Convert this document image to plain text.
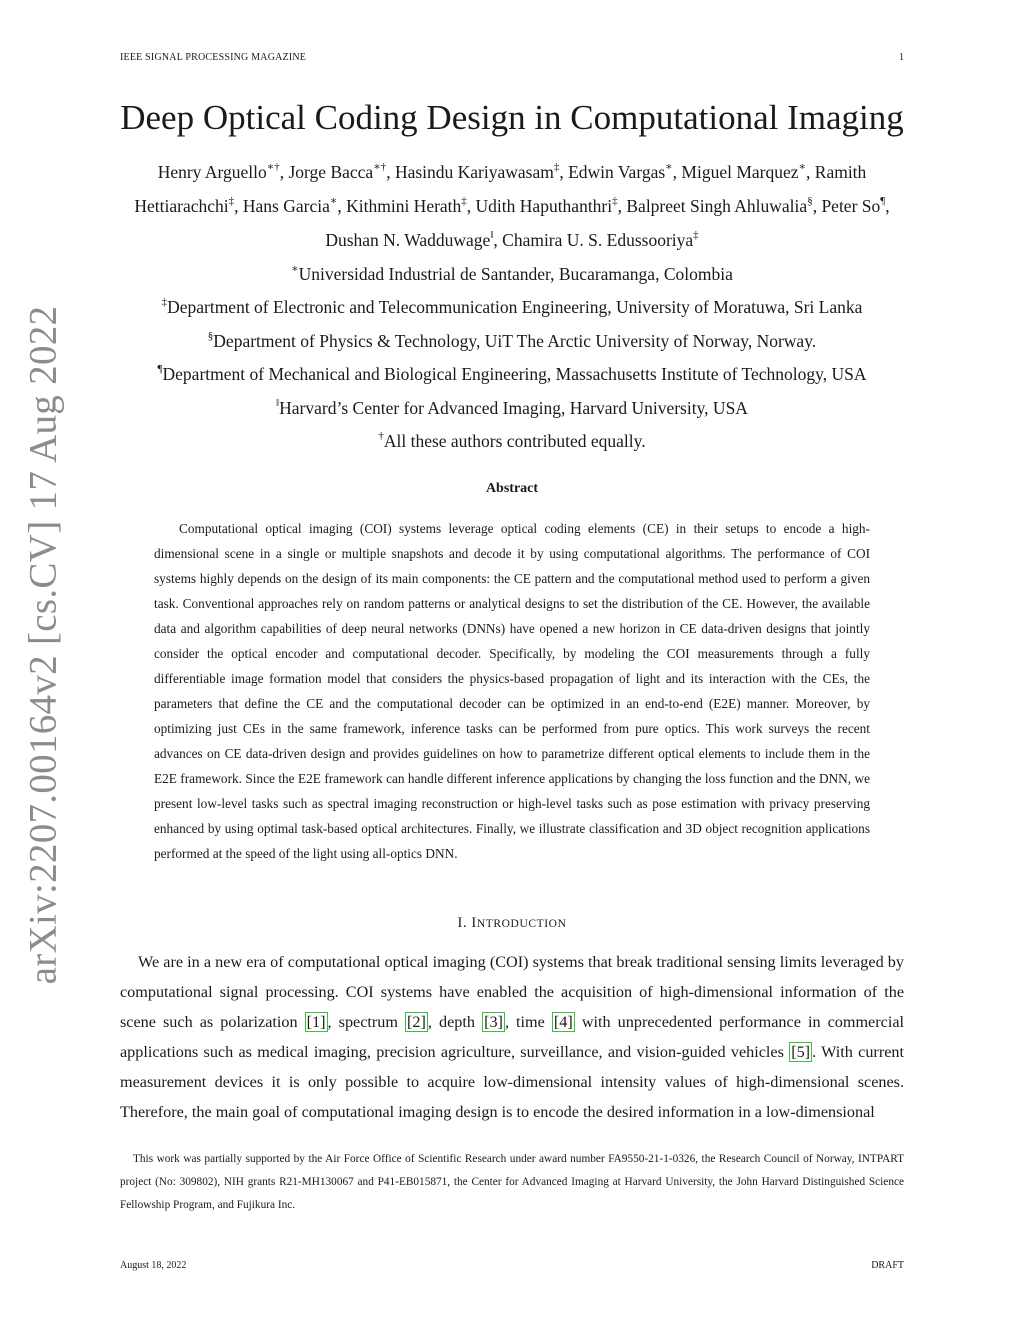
IEEE SIGNAL PROCESSING MAGAZINE	1
arXiv:2207.00164v2 [cs.CV] 17 Aug 2022
Deep Optical Coding Design in Computational Imaging
Henry Arguello∗†, Jorge Bacca∗†, Hasindu Kariyawasam‡, Edwin Vargas∗, Miguel Marquez∗, Ramith Hettiarachchi‡, Hans Garcia∗, Kithmini Herath‡, Udith Haputhanthri‡, Balpreet Singh Ahluwalia§, Peter So¶, Dushan N. Wadduwage‖, Chamira U. S. Edussooriya‡
∗Universidad Industrial de Santander, Bucaramanga, Colombia
‡Department of Electronic and Telecommunication Engineering, University of Moratuwa, Sri Lanka
§Department of Physics & Technology, UiT The Arctic University of Norway, Norway.
¶Department of Mechanical and Biological Engineering, Massachusetts Institute of Technology, USA
‖Harvard’s Center for Advanced Imaging, Harvard University, USA
†All these authors contributed equally.
Abstract
Computational optical imaging (COI) systems leverage optical coding elements (CE) in their setups to encode a high-dimensional scene in a single or multiple snapshots and decode it by using computational algorithms. The performance of COI systems highly depends on the design of its main components: the CE pattern and the computational method used to perform a given task. Conventional approaches rely on random patterns or analytical designs to set the distribution of the CE. However, the available data and algorithm capabilities of deep neural networks (DNNs) have opened a new horizon in CE data-driven designs that jointly consider the optical encoder and computational decoder. Specifically, by modeling the COI measurements through a fully differentiable image formation model that considers the physics-based propagation of light and its interaction with the CEs, the parameters that define the CE and the computational decoder can be optimized in an end-to-end (E2E) manner. Moreover, by optimizing just CEs in the same framework, inference tasks can be performed from pure optics. This work surveys the recent advances on CE data-driven design and provides guidelines on how to parametrize different optical elements to include them in the E2E framework. Since the E2E framework can handle different inference applications by changing the loss function and the DNN, we present low-level tasks such as spectral imaging reconstruction or high-level tasks such as pose estimation with privacy preserving enhanced by using optimal task-based optical architectures. Finally, we illustrate classification and 3D object recognition applications performed at the speed of the light using all-optics DNN.
I. INTRODUCTION
We are in a new era of computational optical imaging (COI) systems that break traditional sensing limits leveraged by computational signal processing. COI systems have enabled the acquisition of high-dimensional information of the scene such as polarization [1] , spectrum [2] , depth [3] , time [4] with unprecedented performance in commercial applications such as medical imaging, precision agriculture, surveillance, and vision-guided vehicles [5] . With current measurement devices it is only possible to acquire low-dimensional intensity values of high-dimensional scenes. Therefore, the main goal of computational imaging design is to encode the desired information in a low-dimensional
This work was partially supported by the Air Force Office of Scientific Research under award number FA9550-21-1-0326, the Research Council of Norway, INTPART project (No: 309802), NIH grants R21-MH130067 and P41-EB015871, the Center for Advanced Imaging at Harvard University, the John Harvard Distinguished Science Fellowship Program, and Fujikura Inc.
August 18, 2022	DRAFT
